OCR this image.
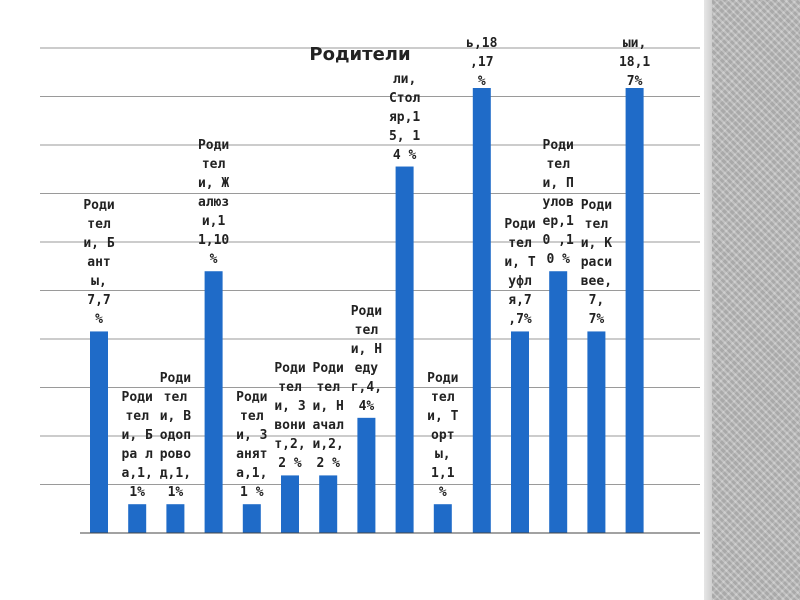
Родители, Банты, 7,7 %
Родители, Бра ла,1,1%
Родители, Водопровод,1, 1%
Родители, Жалюзи,11,10 %
Родители, Занята,1,1 %
Родители, Звонит,2,2 %
Родители, Начали,2,2 %
Родители, Недуг,4, 4%
ли, Столяр,15, 14 %
Родители, Торты, 1,1 %
ь,18 ,17 %
Родители, Туфля,7 ,7%
Родители, Пуловер,10 ,10 %
Родители, Красивее,7, 7%
ыи, 18,1 7%
Родители
